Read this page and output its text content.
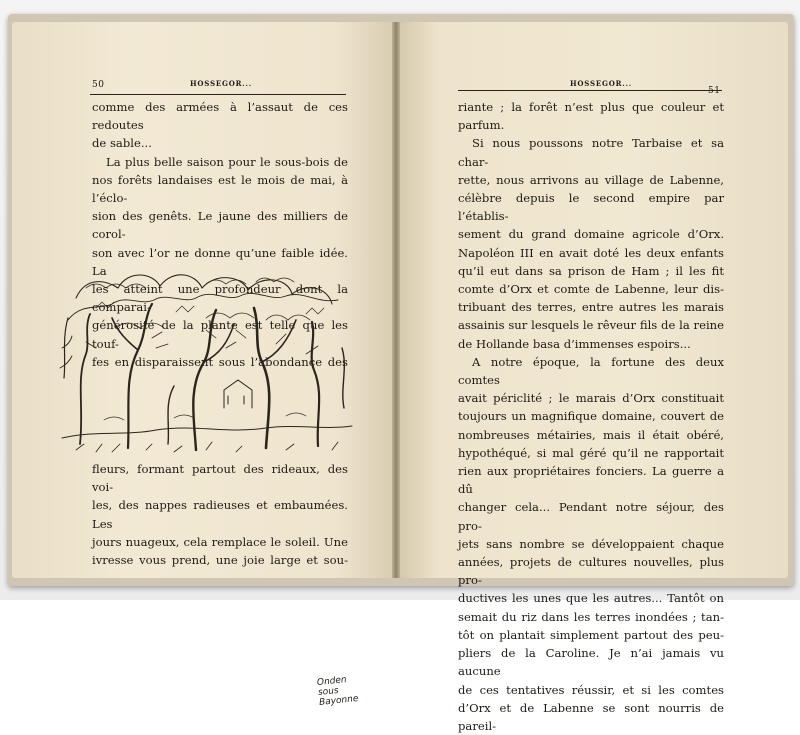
50	HOSSEGOR...

comme des armées à l’assaut de ces redoutes

de sable...

La plus belle saison pour le sous-bois de

nos forêts landaises est le mois de mai, à l’éclo-

sion des genêts. Le jaune des milliers de corol-

son avec l’or ne donne qu’une faible idée. La

les atteint une profondeur dont la comparai-

générosité de la plante est telle que les touf-

fes en disparaissent sous l’abondance des

Onden sous Bayonne

fleurs, formant partout des rideaux, des voi-

les, des nappes radieuses et embaumées. Les

jours nuageux, cela remplace le soleil. Une

ivresse vous prend, une joie large et sou-

HOSSEGOR...
51

riante ; la forêt n’est plus que couleur et

parfum.

Si nous poussons notre Tarbaise et sa char-

rette, nous arrivons au village de Labenne,

célèbre depuis le second empire par l’établis-

sement du grand domaine agricole d’Orx.

Napoléon III en avait doté les deux enfants

qu’il eut dans sa prison de Ham ; il les fit

comte d’Orx et comte de Labenne, leur dis-

tribuant des terres, entre autres les marais

assainis sur lesquels le rêveur fils de la reine

de Hollande basa d’immenses espoirs...

A notre époque, la fortune des deux comtes

avait périclité ; le marais d’Orx constituait

toujours un magnifique domaine, couvert de

nombreuses métairies, mais il était obéré,

hypothéqué, si mal géré qu’il ne rapportait

rien aux propriétaires fonciers. La guerre a dû

changer cela... Pendant notre séjour, des pro-

jets sans nombre se développaient chaque

années, projets de cultures nouvelles, plus pro-

ductives les unes que les autres... Tantôt on

semait du riz dans les terres inondées ; tan-

tôt on plantait simplement partout des peu-

pliers de la Caroline. Je n’ai jamais vu aucune

de ces tentatives réussir, et si les comtes

d’Orx et de Labenne se sont nourris de pareil-
